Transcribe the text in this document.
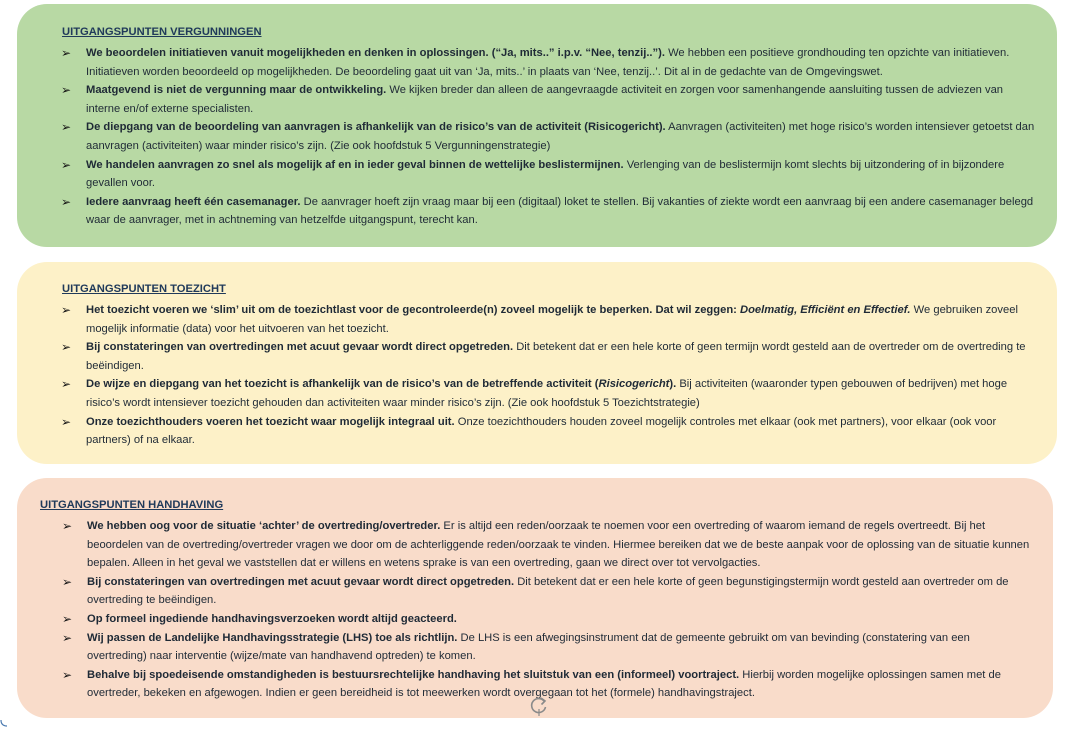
UITGANGSPUNTEN VERGUNNINGEN
➢ We beoordelen initiatieven vanuit mogelijkheden en denken in oplossingen. (“Ja, mits..” i.p.v. “Nee, tenzij..”). We hebben een positieve grondhouding ten opzichte van initiatieven. Initiatieven worden beoordeeld op mogelijkheden. De beoordeling gaat uit van ‘Ja, mits..’ in plaats van ‘Nee, tenzij..’. Dit al in de gedachte van de Omgevingswet.
➢ Maatgevend is niet de vergunning maar de ontwikkeling. We kijken breder dan alleen de aangevraagde activiteit en zorgen voor samenhangende aansluiting tussen de adviezen van interne en/of externe specialisten.
➢ De diepgang van de beoordeling van aanvragen is afhankelijk van de risico’s van de activiteit (Risicogericht). Aanvragen (activiteiten) met hoge risico’s worden intensiever getoetst dan aanvragen (activiteiten) waar minder risico’s zijn. (Zie ook hoofdstuk 5 Vergunningenstrategie)
➢ We handelen aanvragen zo snel als mogelijk af en in ieder geval binnen de wettelijke beslistermijnen. Verlenging van de beslistermijn komt slechts bij uitzondering of in bijzondere gevallen voor.
➢ Iedere aanvraag heeft één casemanager. De aanvrager hoeft zijn vraag maar bij een (digitaal) loket te stellen. Bij vakanties of ziekte wordt een aanvraag bij een andere casemanager belegd waar de aanvrager, met in achtneming van hetzelfde uitgangspunt, terecht kan.
UITGANGSPUNTEN TOEZICHT
➢ Het toezicht voeren we ‘slim’ uit om de toezichtlast voor de gecontroleerde(n) zoveel mogelijk te beperken. Dat wil zeggen: Doelmatig, Efficiënt en Effectief. We gebruiken zoveel mogelijk informatie (data) voor het uitvoeren van het toezicht.
➢ Bij constateringen van overtredingen met acuut gevaar wordt direct opgetreden. Dit betekent dat er een hele korte of geen termijn wordt gesteld aan de overtreder om de overtreding te beëindigen.
➢ De wijze en diepgang van het toezicht is afhankelijk van de risico’s van de betreffende activiteit (Risicogericht). Bij activiteiten (waaronder typen gebouwen of bedrijven) met hoge risico’s wordt intensiever toezicht gehouden dan activiteiten waar minder risico’s zijn. (Zie ook hoofdstuk 5 Toezichtstrategie)
➢ Onze toezichthouders voeren het toezicht waar mogelijk integraal uit. Onze toezichthouders houden zoveel mogelijk controles met elkaar (ook met partners), voor elkaar (ook voor partners) of na elkaar.
UITGANGSPUNTEN HANDHAVING
➢ We hebben oog voor de situatie ‘achter’ de overtreding/overtreder. Er is altijd een reden/oorzaak te noemen voor een overtreding of waarom iemand de regels overtreedt. Bij het beoordelen van de overtreding/overtreder vragen we door om de achterliggende reden/oorzaak te vinden. Hiermee bereiken dat we de beste aanpak voor de oplossing van de situatie kunnen bepalen. Alleen in het geval we vaststellen dat er willens en wetens sprake is van een overtreding, gaan we direct over tot vervolgacties.
➢ Bij constateringen van overtredingen met acuut gevaar wordt direct opgetreden. Dit betekent dat er een hele korte of geen begunstigingstermijn wordt gesteld aan overtreder om de overtreding te beëindigen.
➢ Op formeel ingediende handhavingsverzoeken wordt altijd geacteerd.
➢ Wij passen de Landelijke Handhavingsstrategie (LHS) toe als richtlijn. De LHS is een afwegingsinstrument dat de gemeente gebruikt om van bevinding (constatering van een overtreding) naar interventie (wijze/mate van handhavend optreden) te komen.
➢ Behalve bij spoedeisende omstandigheden is bestuursrechtelijke handhaving het sluitstuk van een (informeel) voortraject. Hierbij worden mogelijke oplossingen samen met de overtreder, bekeken en afgewogen. Indien er geen bereidheid is tot meewerken wordt overgegaan tot het (formele) handhavingstraject.
